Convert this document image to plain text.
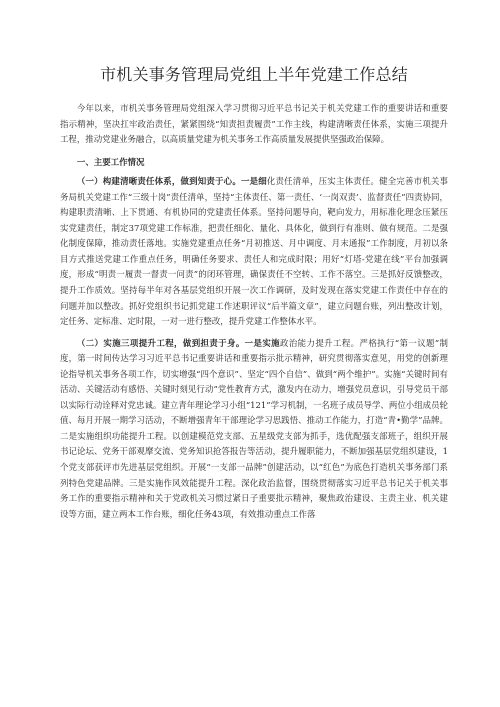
市机关事务管理局党组上半年党建工作总结

今年以来，市机关事务管理局党组深入学习贯彻习近平总书记关于机关党建工作的重要讲话和重要指示精神，坚决扛牢政治责任，紧紧围绕“知责担责履责”工作主线，构建清晰责任体系，实施三项提升工程，推动党建业务融合，以高质量党建为机关事务工作高质量发展提供坚强政治保障。

一、主要工作情况

（一）构建清晰责任体系，做到知责于心。一是细化责任清单，压实主体责任。健全完善市机关事务局机关党建工作“三级十岗”责任清单，坚持“主体责任、第一责任、‘一岗双责’、监督责任”四责协同，构建职责清晰、上下贯通、有机协同的党建责任体系。坚持问题导向，靶向发力，用标准化理念压紧压实党建责任，制定37项党建工作标准，把责任细化、量化、具体化，做到行有准则、做有规范。二是强化制度保障，推动责任落地。实施党建重点任务“月初推送、月中调度、月末通报”工作制度，月初以条目方式推送党建工作重点任务，明确任务要求、责任人和完成时限；用好“灯塔-党建在线”平台加强调度，形成“明责一履责一督责一问责”的闭环管理，确保责任不空转、工作不落空。三是抓好反馈整改，提升工作质效。坚持每半年对各基层党组织开展一次工作调研，及时发现在落实党建工作责任中存在的问题并加以整改。抓好党组织书记抓党建工作述职评议“后半篇文章”，建立问题台账，列出整改计划，定任务、定标准、定时限，一对一进行整改，提升党建工作整体水平。

（二）实施三项提升工程，做到担责于身。一是实施政治能力提升工程。严格执行“第一议题”制度，第一时间传达学习习近平总书记重要讲话和重要指示批示精神，研究贯彻落实意见，用党的创新理论指导机关事务各项工作，切实增强“四个意识”、坚定“四个自信”、做到“两个维护”。实施“关键时间有活动、关键活动有感悟、关键时刻见行动”党性教育方式，激发内在动力，增强党员意识，引导党员干部以实际行动诠释对党忠诚。建立青年理论学习小组“121”学习机制，一名班子成员导学、两位小组成员轮值、每月开展一期学习活动，不断增强青年干部理论学习思践悟、推动工作能力，打造“青•勤学”品牌。二是实施组织功能提升工程。以创建模范党支部、五星级党支部为抓手，选优配强支部班子，组织开展书记论坛、党务干部观摩交流、党务知识抢答报告等活动，提升履职能力，不断加强基层党组织建设，1个党支部获评市先进基层党组织。开展“一支部一品牌”创建活动，以“红色”为底色打造机关事务部门系列特色党建品牌。三是实施作风效能提升工程。深化政治监督，围绕贯彻落实习近平总书记关于机关事务工作的重要指示精神和关于党政机关习惯过紧日子重要批示精神，聚焦政治建设、主责主业、机关建设等方面，建立两本工作台账，细化任务43项，有效推动重点工作落
